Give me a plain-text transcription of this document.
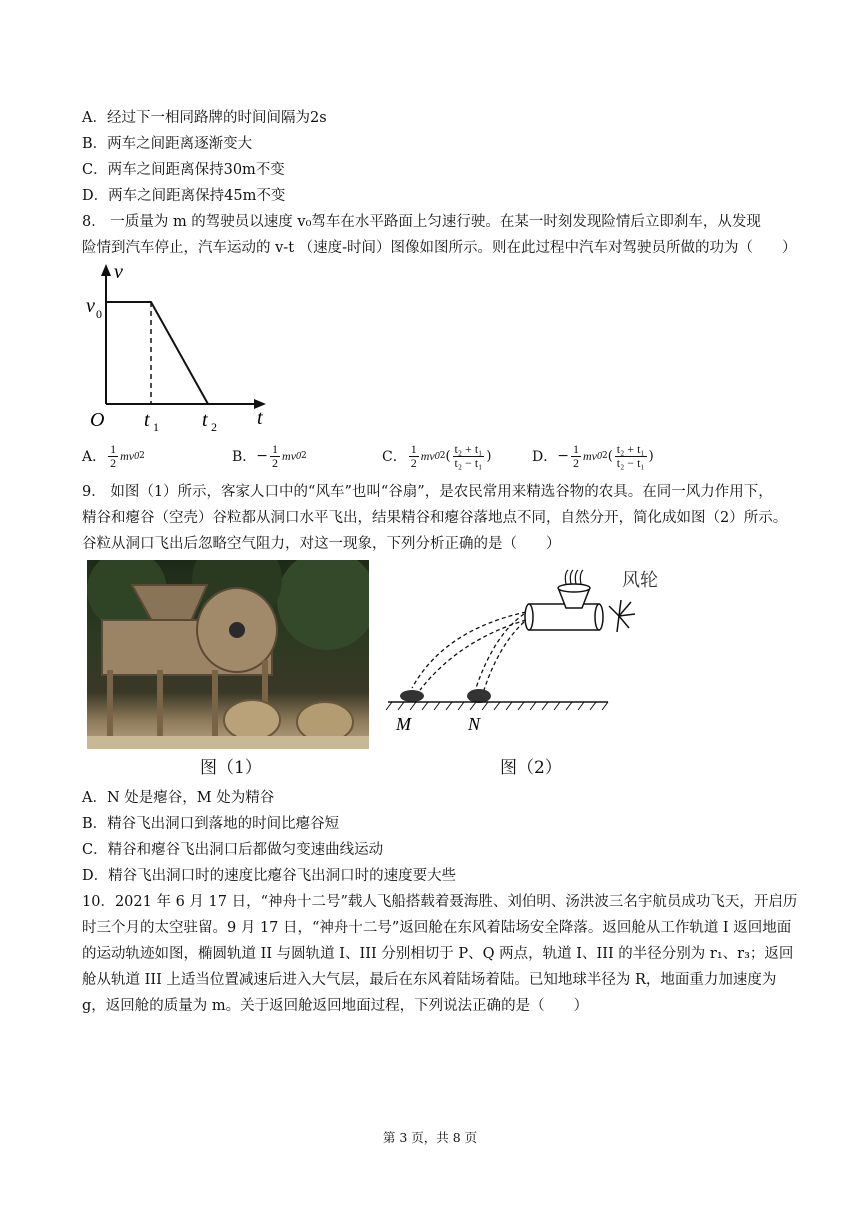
A．经过下一相同路牌的时间间隔为2s
B．两车之间距离逐渐变大
C．两车之间距离保持30m不变
D．两车之间距离保持45m不变
8． 一质量为 m 的驾驶员以速度 v₀驾车在水平路面上匀速行驶。在某一时刻发现险情后立即刹车，从发现
险情到汽车停止，汽车运动的 v-t （速度-时间）图像如图所示。则在此过程中汽车对驾驶员所做的功为（　　）
v
t
v 0
O t 1 t 2
A． $\frac{1}{2}$ mv 0 2	B． − $\frac{1}{2}$ mv 0 2	C． $\frac{1}{2}$ mv 0 2 ( $\frac{\text{t₂ + t₁}}{\text{t₂ − t₁}}$ )	D． − $\frac{1}{2}$ mv 0 2 ( $\frac{\text{t₂ + t₁}}{\text{t₂ − t₁}}$ )
9． 如图（1）所示，客家人口中的“风车”也叫“谷扇”，是农民常用来精选谷物的农具。在同一风力作用下，
精谷和瘪谷（空壳）谷粒都从洞口水平飞出，结果精谷和瘪谷落地点不同，自然分开，简化成如图（2）所示。
谷粒从洞口飞出后忽略空气阻力，对这一现象，下列分析正确的是（　　）
图（1）
风轮
M	N
图（2）
A．N 处是瘪谷，M 处为精谷
B．精谷飞出洞口到落地的时间比瘪谷短
C．精谷和瘪谷飞出洞口后都做匀变速曲线运动
D．精谷飞出洞口时的速度比瘪谷飞出洞口时的速度要大些
10．2021 年 6 月 17 日，“神舟十二号”载人飞船搭载着聂海胜、刘伯明、汤洪波三名宇航员成功飞天，开启历
时三个月的太空驻留。9 月 17 日，“神舟十二号”返回舱在东风着陆场安全降落。返回舱从工作轨道 I 返回地面
的运动轨迹如图，椭圆轨道 II 与圆轨道 I、III 分别相切于 P、Q 两点，轨道 I、III 的半径分别为 r₁、r₃；返回
舱从轨道 III 上适当位置减速后进入大气层，最后在东风着陆场着陆。已知地球半径为 R，地面重力加速度为
g，返回舱的质量为 m。关于返回舱返回地面过程，下列说法正确的是（　　）
第 3 页，共 8 页
